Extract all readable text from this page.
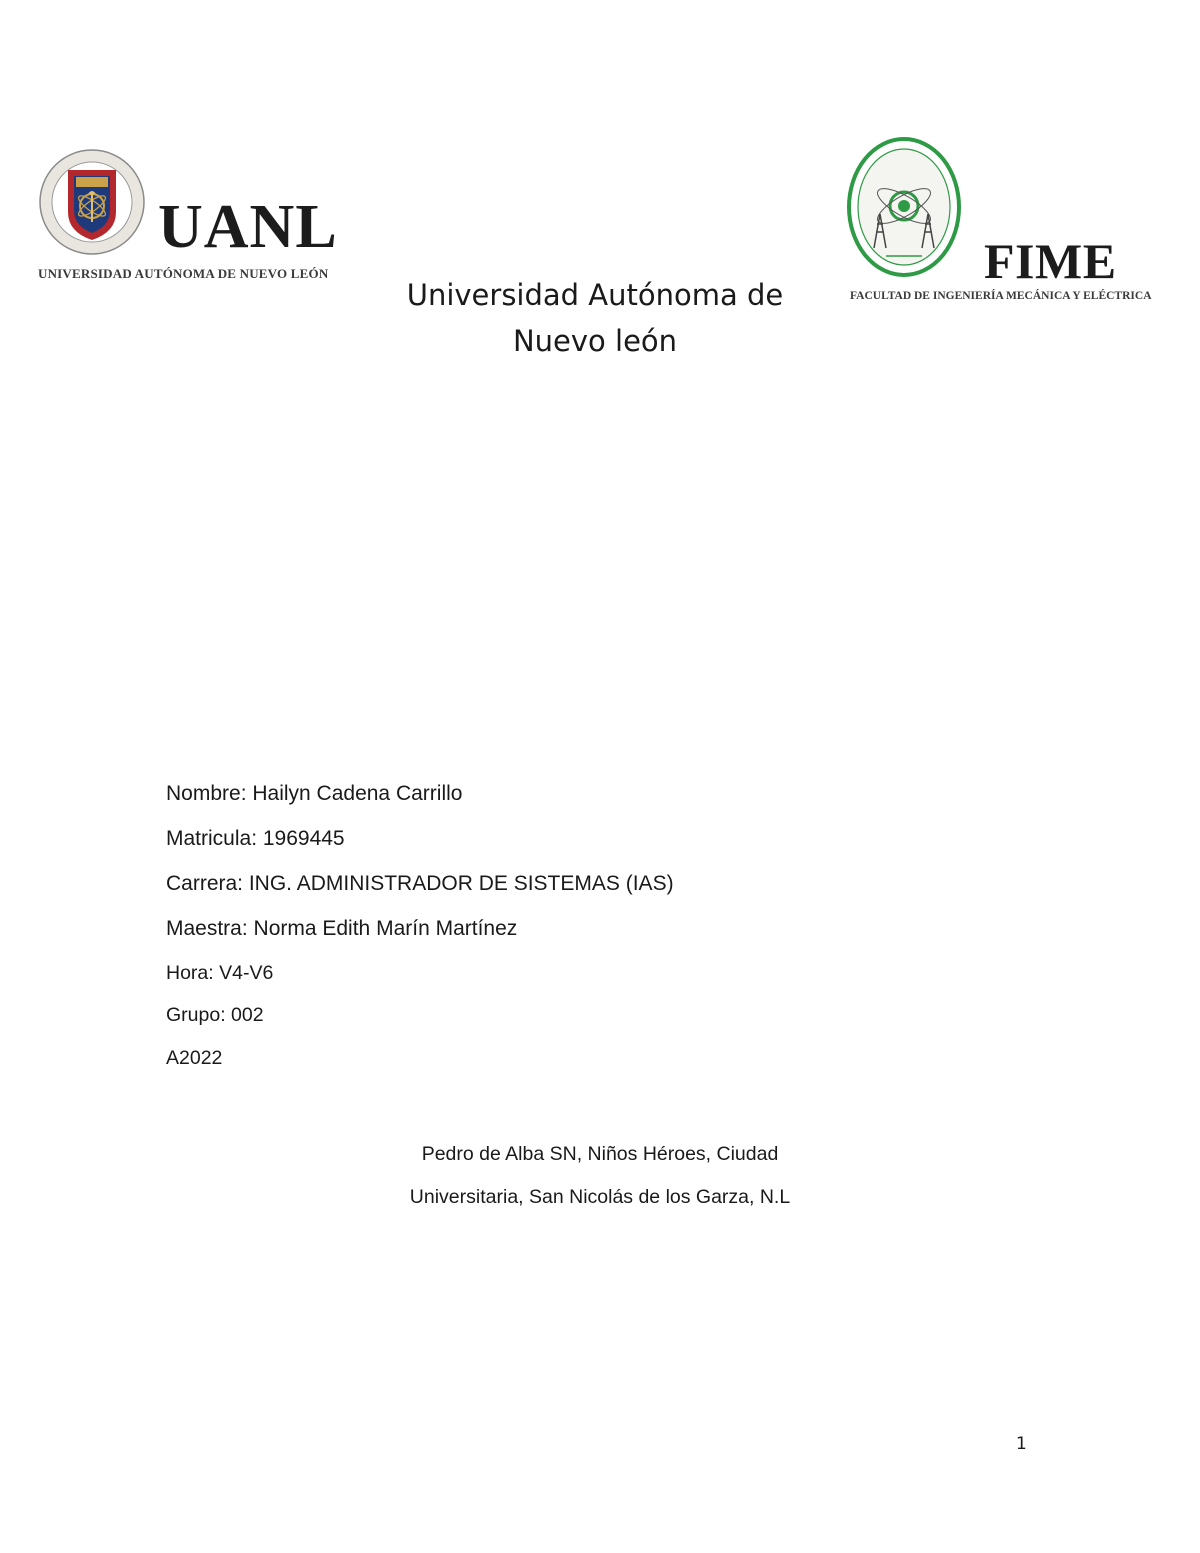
UANL
UNIVERSIDAD AUTÓNOMA DE NUEVO LEÓN	FIME
FACULTAD DE INGENIERÍA MECÁNICA Y ELÉCTRICA
Universidad Autónoma de
Nuevo león
Nombre: Hailyn Cadena Carrillo
Matricula: 1969445
Carrera: ING. ADMINISTRADOR DE SISTEMAS (IAS)
Maestra: Norma Edith Marín Martínez
Hora: V4-V6
Grupo: 002
A2022
Pedro de Alba SN, Niños Héroes, Ciudad
Universitaria, San Nicolás de los Garza, N.L
1
